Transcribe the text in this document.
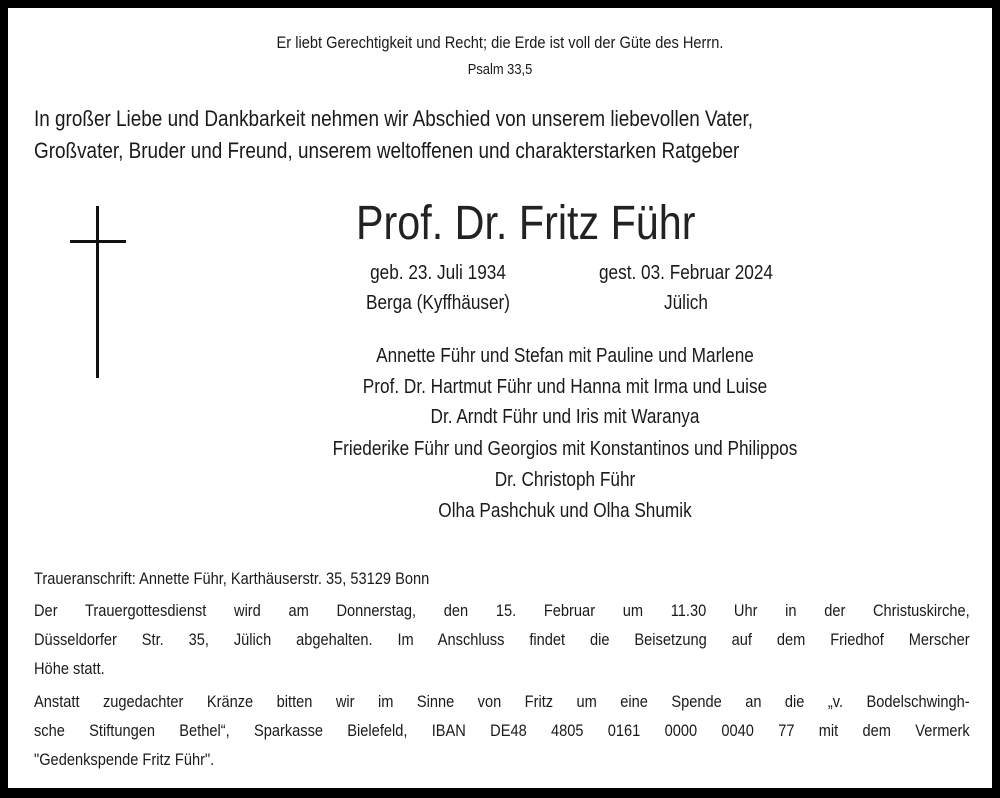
Er liebt Gerechtigkeit und Recht; die Erde ist voll der Güte des Herrn.
Psalm 33,5
In großer Liebe und Dankbarkeit nehmen wir Abschied von unserem liebevollen Vater,
Großvater, Bruder und Freund, unserem weltoffenen und charakterstarken Ratgeber
Prof. Dr. Fritz Führ
geb. 23. Juli 1934
Berga (Kyffhäuser)
gest. 03. Februar 2024
Jülich
Annette Führ und Stefan mit Pauline und Marlene
Prof. Dr. Hartmut Führ und Hanna mit Irma und Luise
Dr. Arndt Führ und Iris mit Waranya
Friederike Führ und Georgios mit Konstantinos und Philippos
Dr. Christoph Führ
Olha Pashchuk und Olha Shumik
Traueranschrift: Annette Führ, Karthäuserstr. 35, 53129 Bonn
Der Trauergottesdienst wird am Donnerstag, den 15. Februar um 11.30 Uhr in der Christuskirche,
Düsseldorfer Str. 35, Jülich abgehalten. Im Anschluss findet die Beisetzung auf dem Friedhof Merscher
Höhe statt.
Anstatt zugedachter Kränze bitten wir im Sinne von Fritz um eine Spende an die „v. Bodelschwingh-
sche Stiftungen Bethel“, Sparkasse Bielefeld, IBAN DE48 4805 0161 0000 0040 77 mit dem Vermerk
"Gedenkspende Fritz Führ".
